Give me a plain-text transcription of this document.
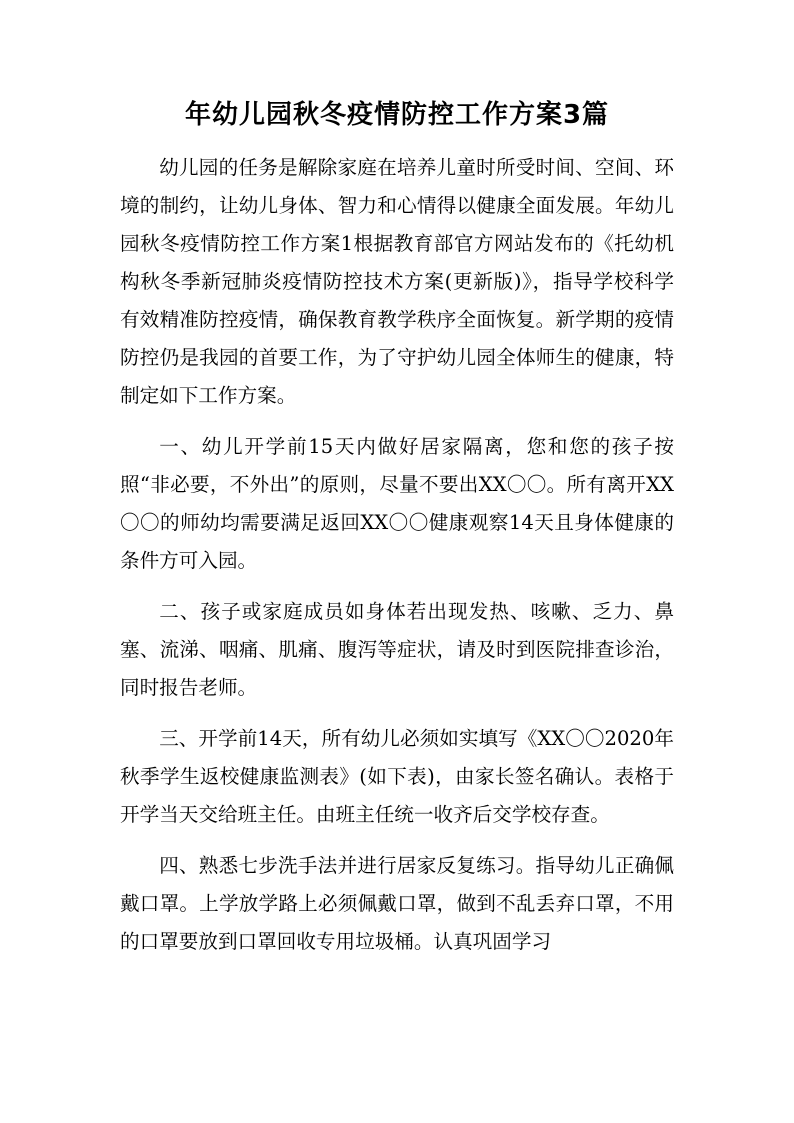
年幼儿园秋冬疫情防控工作方案3篇

幼儿园的任务是解除家庭在培养儿童时所受时间、空间、环境的制约，让幼儿身体、智力和心情得以健康全面发展。年幼儿园秋冬疫情防控工作方案1根据教育部官方网站发布的《托幼机构秋冬季新冠肺炎疫情防控技术方案(更新版)》，指导学校科学有效精准防控疫情，确保教育教学秩序全面恢复。新学期的疫情防控仍是我园的首要工作，为了守护幼儿园全体师生的健康，特制定如下工作方案。

一、幼儿开学前15天内做好居家隔离，您和您的孩子按照“非必要，不外出”的原则，尽量不要出XX〇〇。所有离开XX〇〇的师幼均需要满足返回XX〇〇健康观察14天且身体健康的条件方可入园。

二、孩子或家庭成员如身体若出现发热、咳嗽、乏力、鼻塞、流涕、咽痛、肌痛、腹泻等症状，请及时到医院排查诊治，同时报告老师。

三、开学前14天，所有幼儿必须如实填写《XX〇〇2020年秋季学生返校健康监测表》(如下表)，由家长签名确认。表格于开学当天交给班主任。由班主任统一收齐后交学校存查。

四、熟悉七步洗手法并进行居家反复练习。指导幼儿正确佩戴口罩。上学放学路上必须佩戴口罩，做到不乱丢弃口罩，不用的口罩要放到口罩回收专用垃圾桶。认真巩固学习
